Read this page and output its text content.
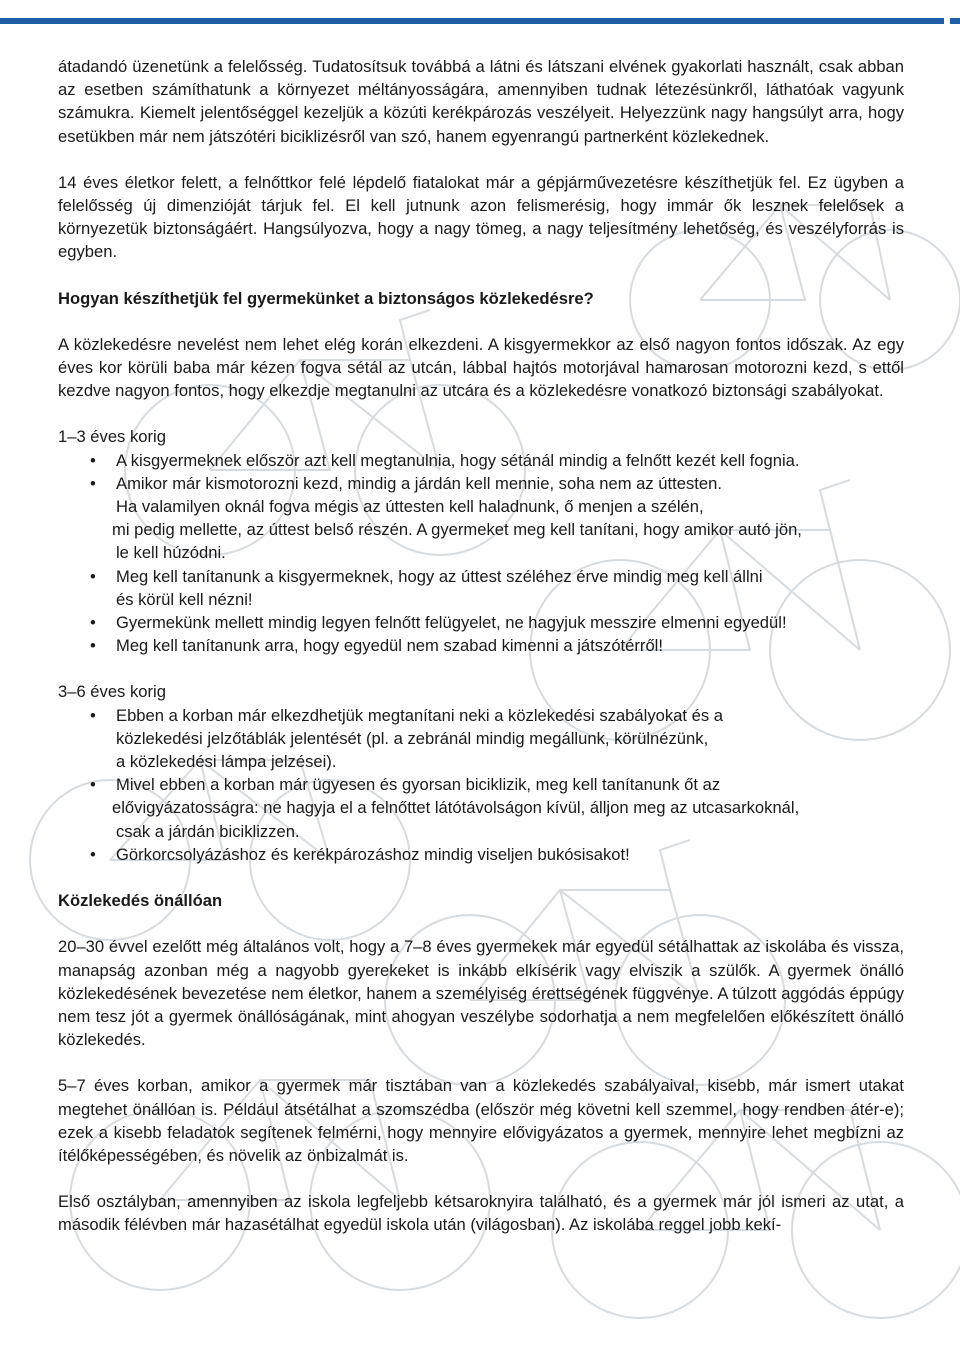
átadandó üzenetünk a felelősség. Tudatosítsuk továbbá a látni és látszani elvének gyakorlati használt, csak abban az esetben számíthatunk a környezet méltányosságára, amennyiben tudnak létezésünkről, láthatóak vagyunk számukra. Kiemelt jelentőséggel kezeljük a közúti kerékpározás veszélyeit. Helyezzünk nagy hangsúlyt arra, hogy esetükben már nem játszótéri biciklizésről van szó, hanem egyenrangú partnerként közlekednek.

14 éves életkor felett, a felnőttkor felé lépdelő fiatalokat már a gépjárművezetésre készíthetjük fel. Ez ügyben a felelősség új dimenzióját tárjuk fel. El kell jutnunk azon felismerésig, hogy immár ők lesznek felelősek a környezetük biztonságáért. Hangsúlyozva, hogy a nagy tömeg, a nagy teljesítmény lehetőség, és veszélyforrás is egyben.

Hogyan készíthetjük fel gyermekünket a biztonságos közlekedésre?

A közlekedésre nevelést nem lehet elég korán elkezdeni. A kisgyermekkor az első nagyon fontos időszak. Az egy éves kor körüli baba már kézen fogva sétál az utcán, lábbal hajtós motorjával hamarosan motorozni kezd, s ettől kezdve nagyon fontos, hogy elkezdje megtanulni az utcára és a közlekedésre vonatkozó biztonsági szabályokat.

1–3 éves korig

• A kisgyermeknek először azt kell megtanulnia, hogy sétánál mindig a felnőtt kezét kell fognia.
• Amikor már kismotorozni kezd, mindig a járdán kell mennie, soha nem az úttesten.

Ha valamilyen oknál fogva mégis az úttesten kell haladnunk, ő menjen a szélén,

mi pedig mellette, az úttest belső részén. A gyermeket meg kell tanítani, hogy amikor autó jön,

le kell húzódni.

• Meg kell tanítanunk a kisgyermeknek, hogy az úttest széléhez érve mindig meg kell állni

és körül kell nézni!

• Gyermekünk mellett mindig legyen felnőtt felügyelet, ne hagyjuk messzire elmenni egyedül!
• Meg kell tanítanunk arra, hogy egyedül nem szabad kimenni a játszótérről!

3–6 éves korig

• Ebben a korban már elkezdhetjük megtanítani neki a közlekedési szabályokat és a

közlekedési jelzőtáblák jelentését (pl. a zebránál mindig megállunk, körülnézünk,

a közlekedési lámpa jelzései).

• Mivel ebben a korban már ügyesen és gyorsan biciklizik, meg kell tanítanunk őt az

elővigyázatosságra: ne hagyja el a felnőttet látótávolságon kívül, álljon meg az utcasarkoknál,

csak a járdán biciklizzen.

• Görkorcsolyázáshoz és kerékpározáshoz mindig viseljen bukósisakot!
Közlekedés önállóan

20–30 évvel ezelőtt még általános volt, hogy a 7–8 éves gyermekek már egyedül sétálhattak az iskolába és vissza, manapság azonban még a nagyobb gyerekeket is inkább elkísérik vagy elviszik a szülők. A gyermek önálló közlekedésének bevezetése nem életkor, hanem a személyiség érettségének függvénye. A túlzott aggódás éppúgy nem tesz jót a gyermek önállóságának, mint ahogyan veszélybe sodorhatja a nem megfelelően előkészített önálló közlekedés.

5–7 éves korban, amikor a gyermek már tisztában van a közlekedés szabályaival, kisebb, már ismert utakat megtehet önállóan is. Például átsétálhat a szomszédba (először még követni kell szemmel, hogy rendben átér-e); ezek a kisebb feladatok segítenek felmérni, hogy mennyire elővigyázatos a gyermek, mennyire lehet megbízni az ítélőképességében, és növelik az önbizalmát is.

Első osztályban, amennyiben az iskola legfeljebb kétsaroknyira található, és a gyermek már jól ismeri az utat, a második félévben már hazasétálhat egyedül iskola után (világosban). Az iskolába reggel jobb kekí-
